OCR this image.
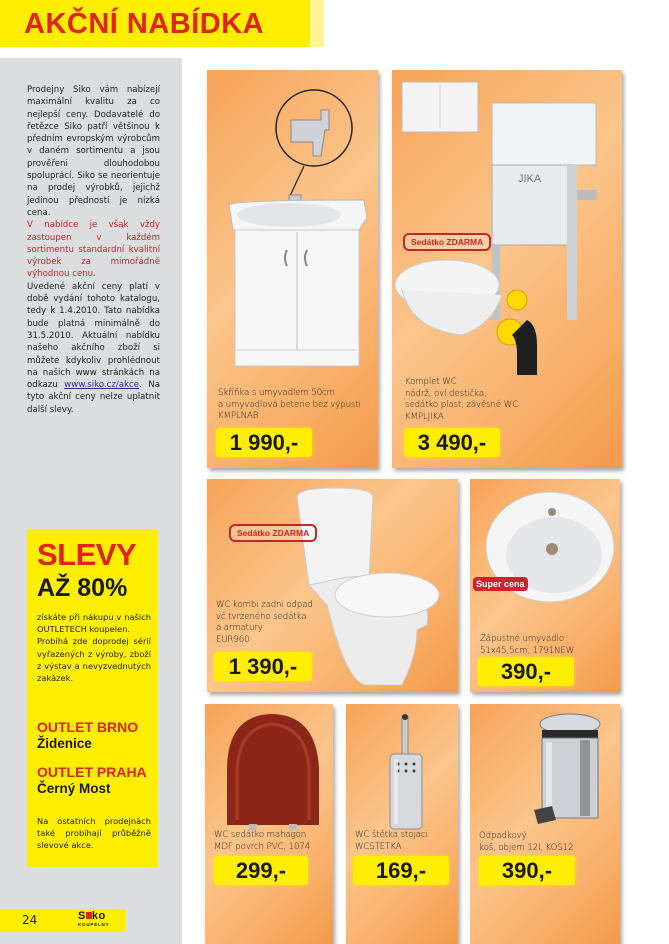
AKČNÍ NABÍDKA

Prodejny Siko vám nabízejí maximální kvalitu za co nejlepší ceny. Dodavatelé do řetězce Siko patří většinou k předním evropským výrobcům v daném sortimentu a jsou prověřeni dlouhodobou spoluprácí. Siko se neorientuje na prodej výrobků, jejichž jedinou předností je nízká cena.

V nabídce je však vždy zastoupen v každém sortimentu standardní kvalitní výrobek za mimořádně výhodnou cenu.

Uvedené akční ceny platí v době vydání tohoto katalogu, tedy k 1.4.2010. Tato nabídka bude platná minimálně do 31.5.2010. Aktuální nabídku našeho akčního zboží si můžete kdykoliv prohlédnout na našich www stránkách na odkazu www.siko.cz/akce. Na tyto akční ceny nelze uplatnit další slevy.

SLEVY
AŽ 80%
získáte při nákupu v našich OUTLETECH koupelen.
Probíhá zde doprodej sérií vyřazených z výroby, zboží z výstav a nevyzvednutých zakázek.
OUTLET BRNO
Židenice
OUTLET PRAHA
Černý Most
Na ostatních prodejnách také probíhají průběžně slevové akce.
24	S ko
KOUPELNY
Skříňka s umyvadlem 50cm
a umyvadlová beterie bez výpusti
KMPLNAB
1 990,-
JIKA
Sedátko ZDARMA
Komplet WC
nádrž, ovl.destička,
sedátko plast, závěsné WC
KMPLJIKA
3 490,-
Sedátko ZDARMA
WC kombi zadni odpad
vč.tvrzeného sedátka
a armatury
EUR960
1 390,-
Super cena
Zápustné umyvadlo
51x45,5cm, 1791NEW
390,-
WC sedátko mahagon
MDF povrch PVC, 1074
299,-
WC štětka stojaci
WCSTETKA
169,-
Odpadkový
koš, objem 12l, KOS12
390,-
